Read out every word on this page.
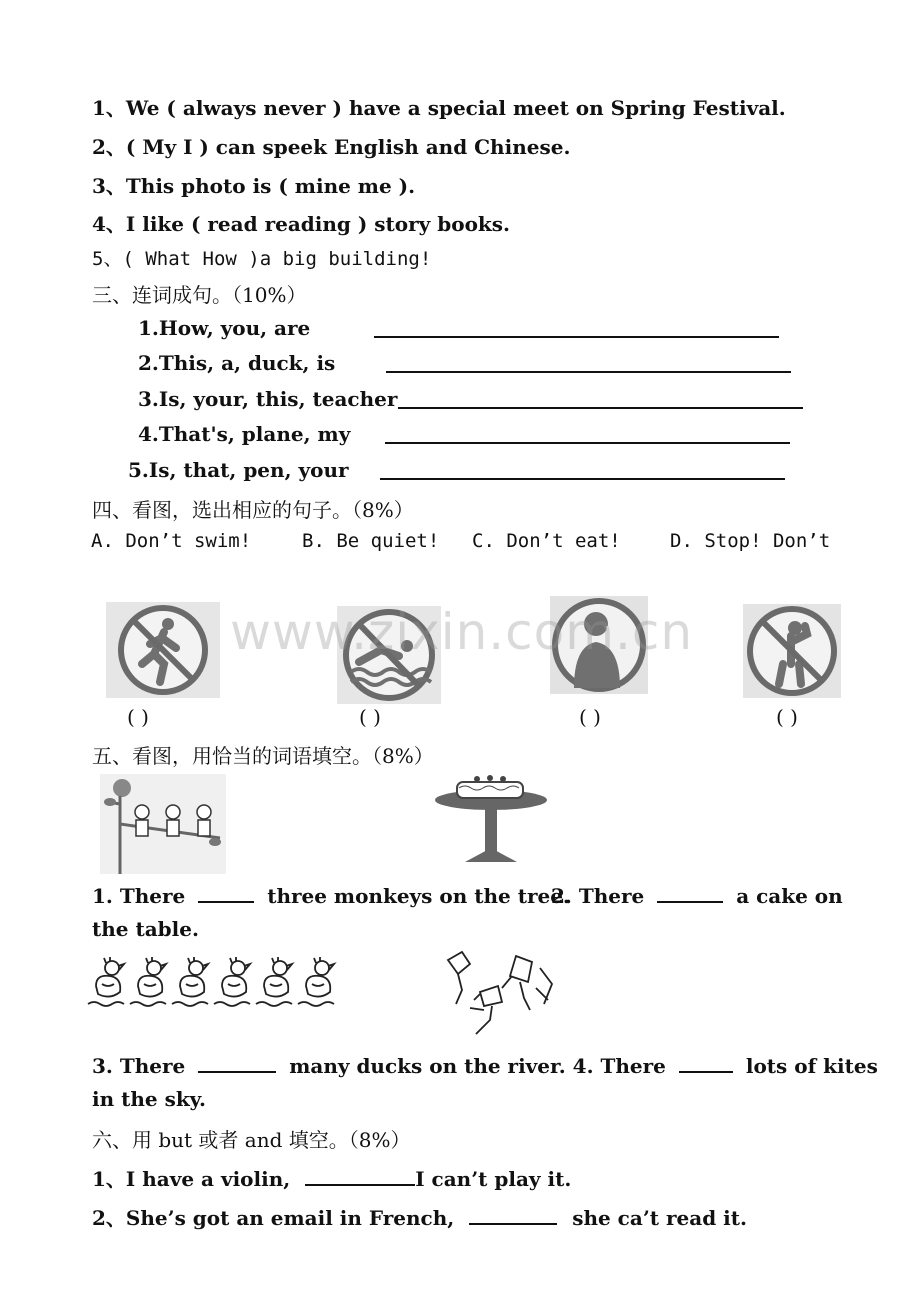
1、We ( always never ) have a special meet on Spring Festival.
2、( My I ) can speek English and Chinese.
3、This photo is ( mine me ).
4、I like ( read reading ) story books.
5、( What How )a big building!
三、连词成句。（10%）
1.How, you, are
2.This, a, duck, is
3.Is, your, this, teacher
4.That's, plane, my
5.Is, that, pen, your
四、看图，选出相应的句子。（8%）
A. Don’t swim!	B. Be quiet! C. Don’t eat!	D. Stop! Don’t
www.zixin.com.cn
( )	( )	( )	( )
五、看图，用恰当的词语填空。（8%）
1. There	three monkeys on the tree.
2. There	a cake on
the table.
3. There	many ducks on the river. 4. There	lots of kites
in the sky.
六、用 but 或者 and 填空。（8%）
1、I have a violin,	I can’t play it.
2、She’s got an email in French,	she ca’t read it.
